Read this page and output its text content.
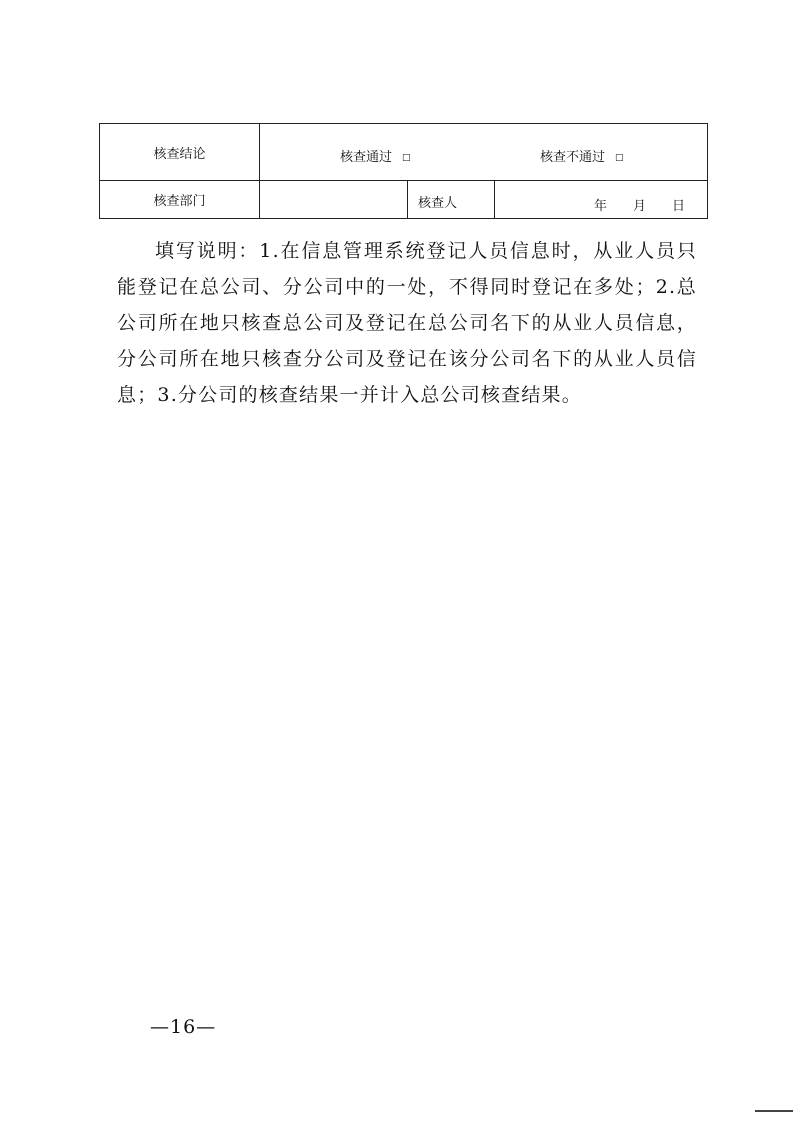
核查结论	核查通过 □ 核查不通过 □		

核查部门		核查人	年 月 日
填写说明：1.在信息管理系统登记人员信息时，从业人员只能登记在总公司、分公司中的一处，不得同时登记在多处；2.总公司所在地只核查总公司及登记在总公司名下的从业人员信息，分公司所在地只核查分公司及登记在该分公司名下的从业人员信息；3.分公司的核查结果一并计入总公司核查结果。
—16—
